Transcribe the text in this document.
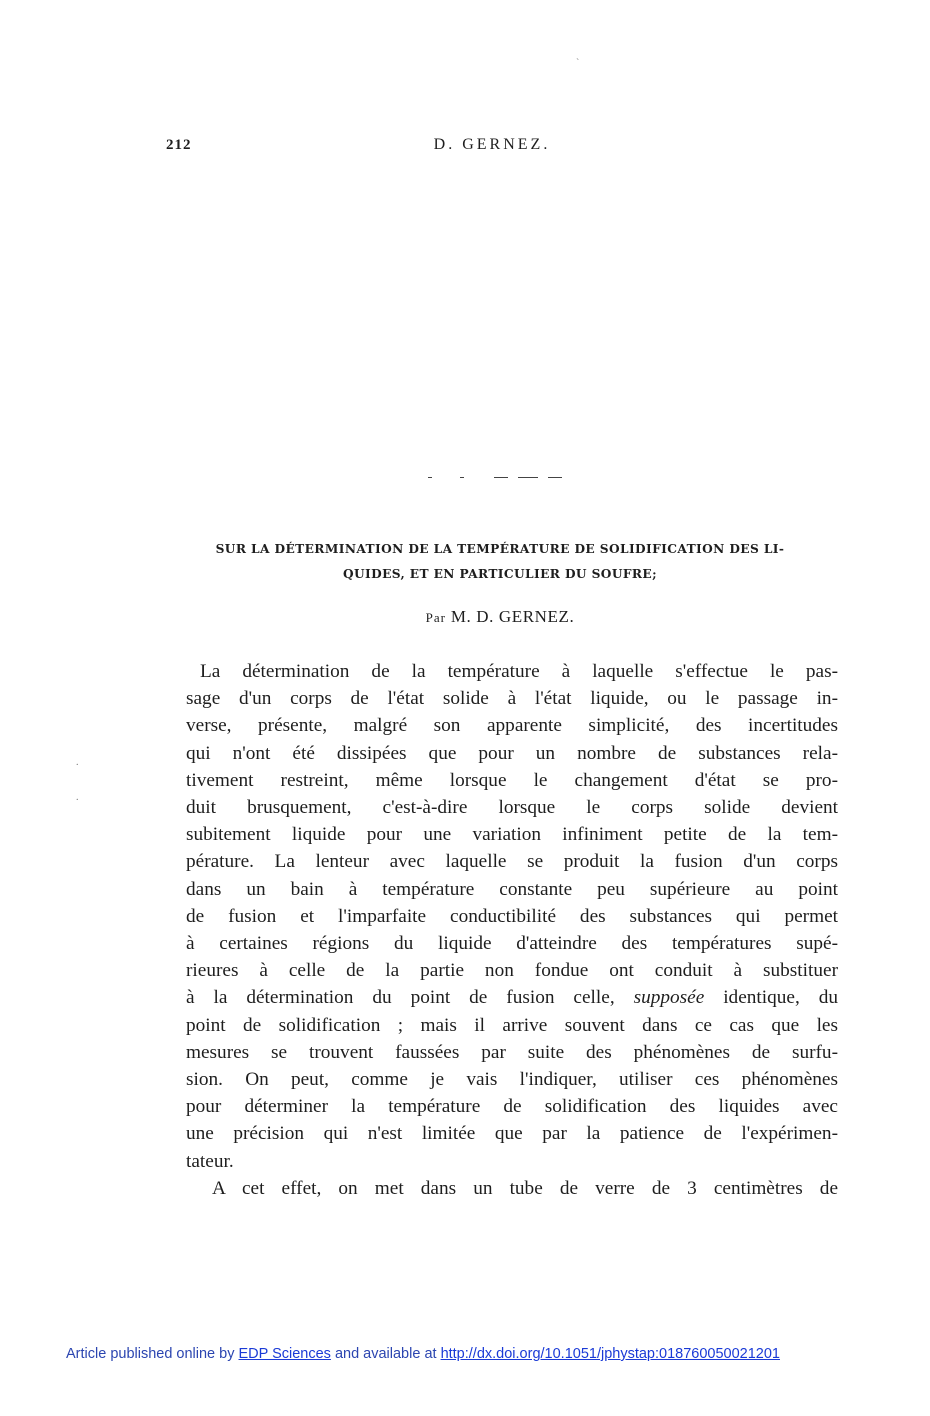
`
212	D. GERNEZ.
SUR LA DÉTERMINATION DE LA TEMPÉRATURE DE SOLIDIFICATION DES LI-
QUIDES, ET EN PARTICULIER DU SOUFRE;
Par M. D. GERNEZ.
.
.

La détermination de la température à laquelle s'effectue le pas-
sage d'un corps de l'état solide à l'état liquide, ou le passage in-
verse, présente, malgré son apparente simplicité, des incertitudes
qui n'ont été dissipées que pour un nombre de substances rela-
tivement restreint, même lorsque le changement d'état se pro-
duit brusquement, c'est-à-dire lorsque le corps solide devient
subitement liquide pour une variation infiniment petite de la tem-
pérature. La lenteur avec laquelle se produit la fusion d'un corps
dans un bain à température constante peu supérieure au point
de fusion et l'imparfaite conductibilité des substances qui permet
à certaines régions du liquide d'atteindre des températures supé-
rieures à celle de la partie non fondue ont conduit à substituer
à la détermination du point de fusion celle, supposée identique, du
point de solidification ; mais il arrive souvent dans ce cas que les
mesures se trouvent faussées par suite des phénomènes de surfu-
sion. On peut, comme je vais l'indiquer, utiliser ces phénomènes
pour déterminer la température de solidification des liquides avec
une précision qui n'est limitée que par la patience de l'expérimen-
tateur.

A cet effet, on met dans un tube de verre de 3 centimètres de

Article published online by EDP Sciences and available at http://dx.doi.org/10.1051/jphystap:018760050021201
